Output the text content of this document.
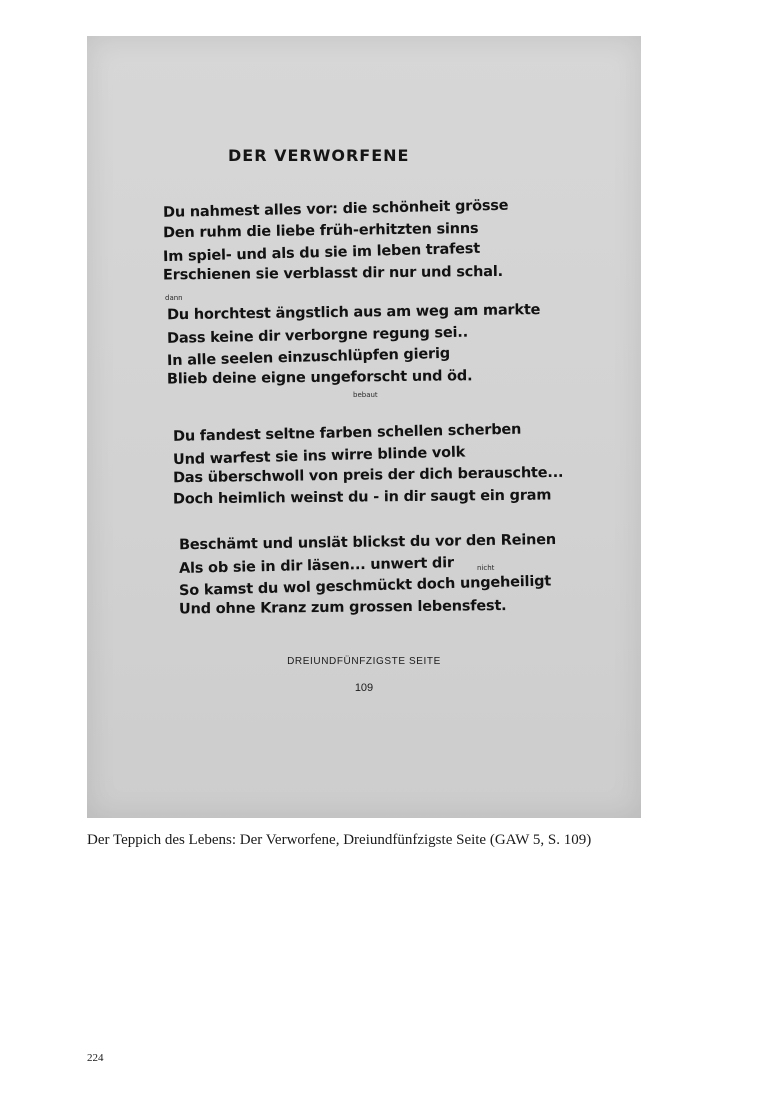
DER VERWORFENE
Du nahmest alles vor: die schönheit grösse
Den ruhm die liebe früh-erhitzten sinns
Im spiel- und als du sie im leben trafest
Erschienen sie verblasst dir nur und schal.
dann
Du horchtest ängstlich aus am weg am markte
Dass keine dir verborgne regung sei..
In alle seelen einzuschlüpfen gierig
Blieb deine eigne ungeforscht und öd.
bebaut
Du fandest seltne farben schellen scherben
Und warfest sie ins wirre blinde volk
Das überschwoll von preis der dich berauschte...
Doch heimlich weinst du - in dir saugt ein gram
nicht
Beschämt und unslät blickst du vor den Reinen
Als ob sie in dir läsen... unwert dir
So kamst du wol geschmückt doch ungeheiligt
Und ohne Kranz zum grossen lebensfest.
DREIUNDFÜNFZIGSTE SEITE
109
Der Teppich des Lebens: Der Verworfene, Dreiundfünfzigste Seite (GAW 5, S. 109)
224
